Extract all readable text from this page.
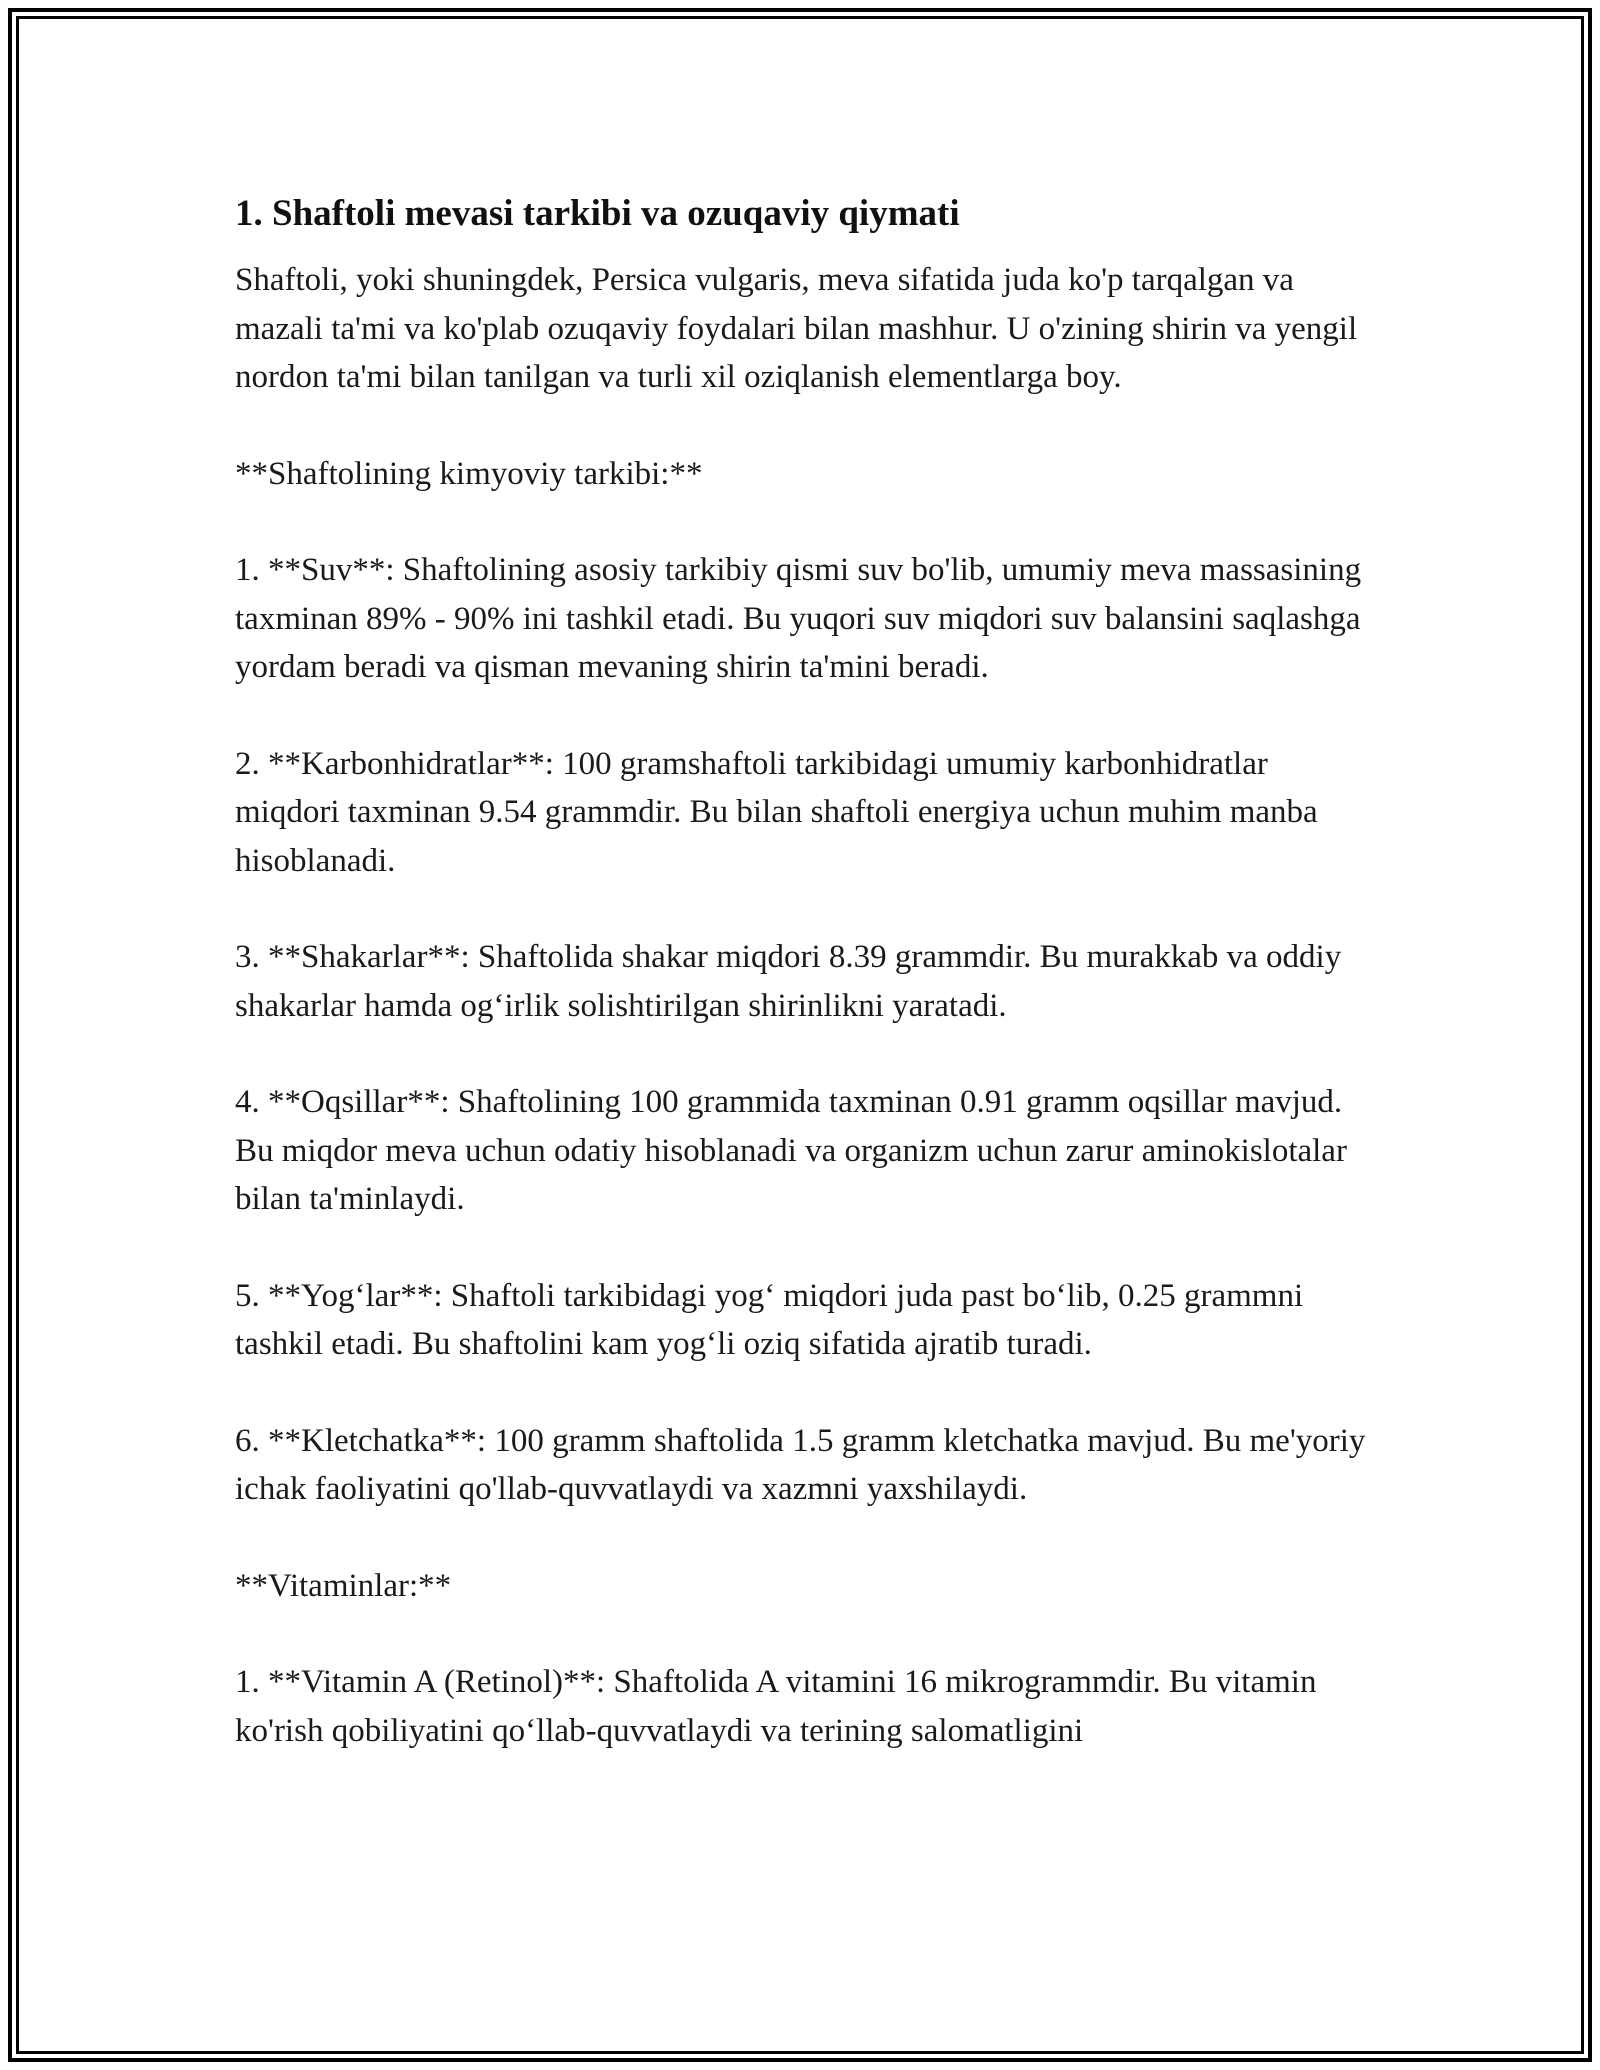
1. Shaftoli mevasi tarkibi va ozuqaviy qiymati

Shaftoli, yoki shuningdek, Persica vulgaris, meva sifatida juda ko'p tarqalgan va mazali ta'mi va ko'plab ozuqaviy foydalari bilan mashhur. U o'zining shirin va yengil nordon ta'mi bilan tanilgan va turli xil oziqlanish elementlarga boy.

**Shaftolining kimyoviy tarkibi:**

1. **Suv**: Shaftolining asosiy tarkibiy qismi suv bo'lib, umumiy meva massasining taxminan 89% - 90% ini tashkil etadi. Bu yuqori suv miqdori suv balansini saqlashga yordam beradi va qisman mevaning shirin ta'mini beradi.

2. **Karbonhidratlar**: 100 gramshaftoli tarkibidagi umumiy karbonhidratlar miqdori taxminan 9.54 grammdir. Bu bilan shaftoli energiya uchun muhim manba hisoblanadi.

3. **Shakarlar**: Shaftolida shakar miqdori 8.39 grammdir. Bu murakkab va oddiy shakarlar hamda og‘irlik solishtirilgan shirinlikni yaratadi.

4. **Oqsillar**: Shaftolining 100 grammida taxminan 0.91 gramm oqsillar mavjud. Bu miqdor meva uchun odatiy hisoblanadi va organizm uchun zarur aminokislotalar bilan ta'minlaydi.

5. **Yog‘lar**: Shaftoli tarkibidagi yog‘ miqdori juda past bo‘lib, 0.25 grammni tashkil etadi. Bu shaftolini kam yog‘li oziq sifatida ajratib turadi.

6. **Kletchatka**: 100 gramm shaftolida 1.5 gramm kletchatka mavjud. Bu me'yoriy ichak faoliyatini qo'llab-quvvatlaydi va xazmni yaxshilaydi.

**Vitaminlar:**

1. **Vitamin A (Retinol)**: Shaftolida A vitamini 16 mikrogrammdir. Bu vitamin ko'rish qobiliyatini qo‘llab-quvvatlaydi va terining salomatligini
